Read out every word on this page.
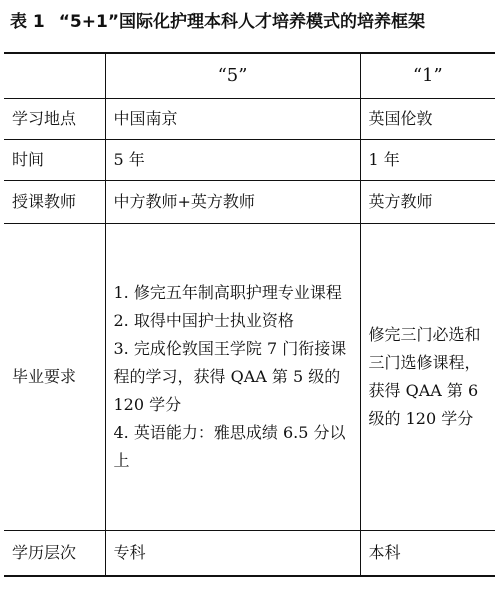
表 1 “5+1”国际化护理本科人才培养模式的培养框架
	“5”	“1”
学习地点	中国南京	英国伦敦
时间	5 年	1 年
授课教师	中方教师+英方教师	英方教师
毕业要求	1. 修完五年制高职护理专业课程
2. 取得中国护士执业资格
3. 完成伦敦国王学院 7 门衔接课程的学习，获得 QAA 第 5 级的 120 学分
4. 英语能力：雅思成绩 6.5 分以上	修完三门必选和三门选修课程，获得 QAA 第 6 级的 120 学分
学历层次	专科	本科
